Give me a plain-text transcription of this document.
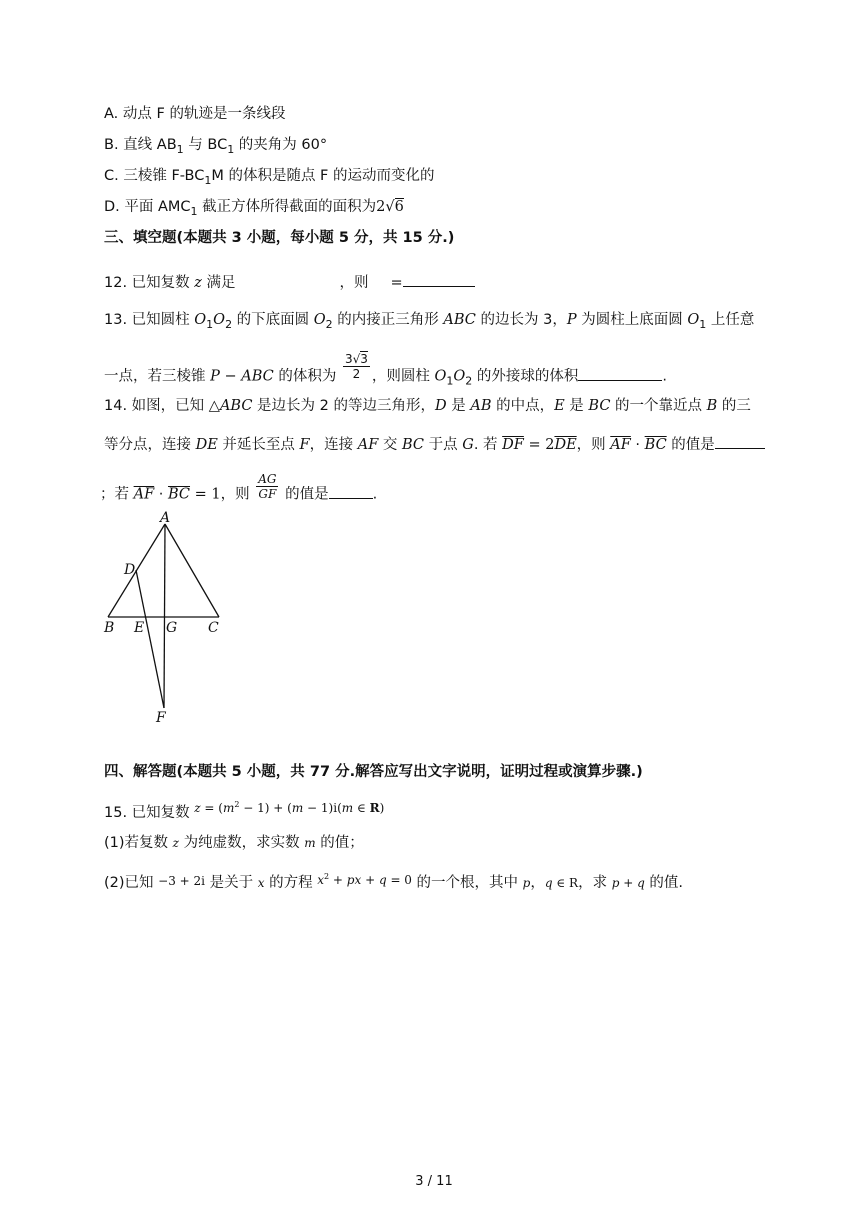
A. 动点 F 的轨迹是一条线段
B. 直线 $AB_1$ 与 $BC_1$ 的夹角为 60°
C. 三棱锥 $F-BC_1M$ 的体积是随点 F 的运动而变化的
D. 平面 $AMC_1$ 截正方体所得截面的面积为2√6
三、填空题(本题共 3 小题，每小题 5 分，共 15 分.)
12. 已知复数 z 满足	，则 =
13. 已知圆柱 $O_1O_2$ 的下底面圆 $O_2$ 的内接正三角形 ABC 的边长为 3，P 为圆柱上底面圆 $O_1$ 上任意
一点，若三棱锥 P − ABC 的体积为 $\frac{3√3}{2}$ ，则圆柱 $O_1O_2$ 的外接球的体积	.
14. 如图，已知 △ABC 是边长为 2 的等边三角形，D 是 AB 的中点，E 是 BC 的一个靠近点 B 的三
等分点，连接 DE 并延长至点 F，连接 AF 交 BC 于点 G. 若 $\overline{DF} = 2\overline{DE}$，则 $\overline{AF} \cdot \overline{BC}$ 的值是
；若 $\overline{AF} \cdot \overline{BC} = 1$，则 $\frac{AG}{GF}$ 的值是	.
A
D
B E G C
F
四、解答题(本题共 5 小题，共 77 分.解答应写出文字说明，证明过程或演算步骤.)
15. 已知复数 $^{z = (m^2 - 1) + (m - 1)i(m \in R)}$
(1)若复数 z 为纯虚数，求实数 m 的值；
(2)已知 −3 + 2i 是关于 x 的方程 $^{x^2 + px + q = 0}$ 的一个根，其中 p，q ∈ R，求 p + q 的值.
3 / 11
